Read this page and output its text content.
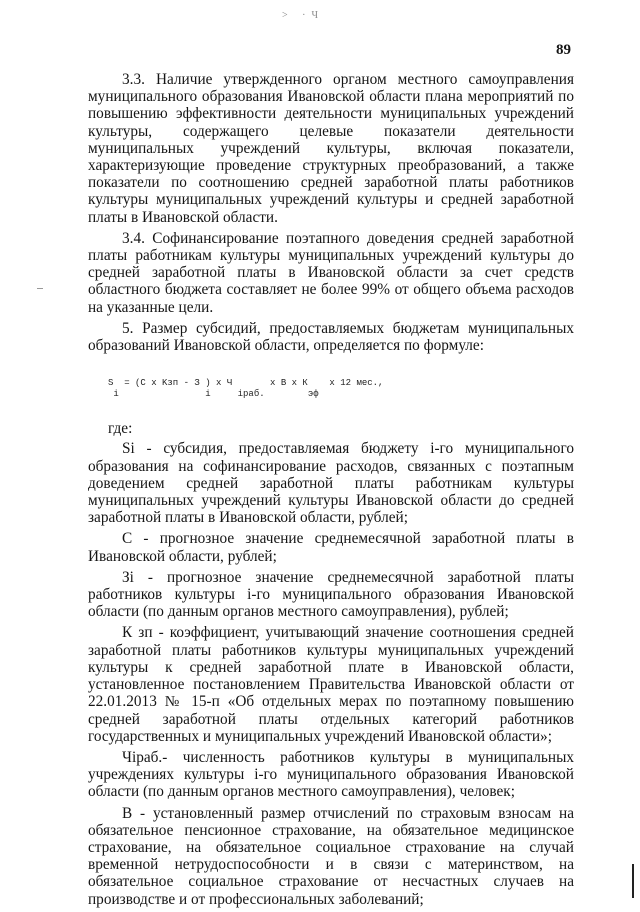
> ·Ч
89

3.3. Наличие утвержденного органом местного самоуправления муниципального образования Ивановской области плана мероприятий по повышению эффективности деятельности муниципальных учреждений культуры, содержащего целевые показатели деятельности муниципальных учреждений культуры, включая показатели, характеризующие проведение структурных преобразований, а также показатели по соотношению средней заработной платы работников культуры муниципальных учреждений культуры и средней заработной платы в Ивановской области.

3.4. Софинансирование поэтапного доведения средней заработной платы работникам культуры муниципальных учреждений культуры до средней заработной платы в Ивановской области за счет средств областного бюджета составляет не более 99% от общего объема расходов на указанные цели.

5. Размер субсидий, предоставляемых бюджетам муниципальных образований Ивановской области, определяется по формуле:

S  = (C x Kзп - З ) x Ч       x В x К    x 12 мес.,
i                i     iраб.        эф

где:

Si - субсидия, предоставляемая бюджету i-го муниципального образования на софинансирование расходов, связанных с поэтапным доведением средней заработной платы работникам культуры муниципальных учреждений культуры Ивановской области до средней заработной платы в Ивановской области, рублей;

С - прогнозное значение среднемесячной заработной платы в Ивановской области, рублей;

Зi - прогнозное значение среднемесячной заработной платы работников культуры i-го муниципального образования Ивановской области (по данным органов местного самоуправления), рублей;

К зп - коэффициент, учитывающий значение соотношения средней заработной платы работников культуры муниципальных учреждений культуры к средней заработной плате в Ивановской области, установленное постановлением Правительства Ивановской области от 22.01.2013 № 15-п «Об отдельных мерах по поэтапному повышению средней заработной платы отдельных категорий работников государственных и муниципальных учреждений Ивановской области»;

Чiраб.- численность работников культуры в муниципальных учреждениях культуры i-го муниципального образования Ивановской области (по данным органов местного самоуправления), человек;

В - установленный размер отчислений по страховым взносам на обязательное пенсионное страхование, на обязательное медицинское страхование, на обязательное социальное страхование на случай временной нетрудоспособности и в связи с материнством, на обязательное социальное страхование от несчастных случаев на производстве и от профессиональных заболеваний;
